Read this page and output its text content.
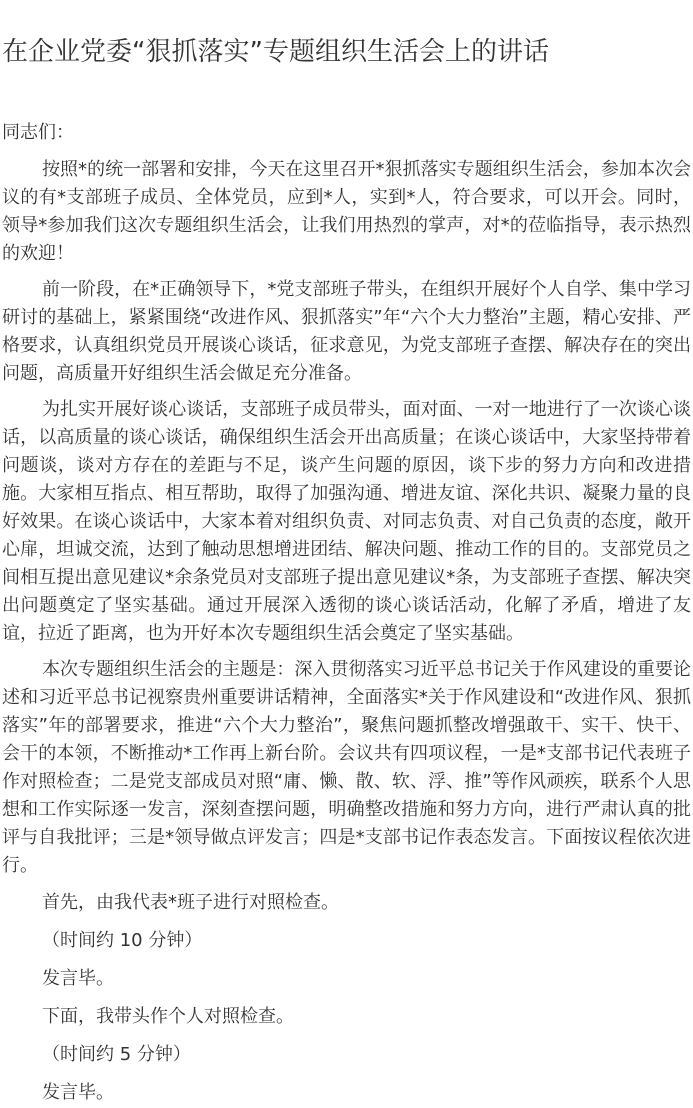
在企业党委“狠抓落实”专题组织生活会上的讲话

同志们：

按照*的统一部署和安排，今天在这里召开*狠抓落实专题组织生活会，参加本次会议的有*支部班子成员、全体党员，应到*人，实到*人，符合要求，可以开会。同时，领导*参加我们这次专题组织生活会，让我们用热烈的掌声，对*的莅临指导，表示热烈的欢迎！

前一阶段，在*正确领导下，*党支部班子带头，在组织开展好个人自学、集中学习研讨的基础上，紧紧围绕“改进作风、狠抓落实”年“六个大力整治”主题，精心安排、严格要求，认真组织党员开展谈心谈话，征求意见，为党支部班子查摆、解决存在的突出问题，高质量开好组织生活会做足充分准备。

为扎实开展好谈心谈话，支部班子成员带头，面对面、一对一地进行了一次谈心谈话，以高质量的谈心谈话，确保组织生活会开出高质量；在谈心谈话中，大家坚持带着问题谈，谈对方存在的差距与不足，谈产生问题的原因，谈下步的努力方向和改进措施。大家相互指点、相互帮助，取得了加强沟通、增进友谊、深化共识、凝聚力量的良好效果。在谈心谈话中，大家本着对组织负责、对同志负责、对自己负责的态度，敞开心扉，坦诚交流，达到了触动思想增进团结、解决问题、推动工作的目的。支部党员之间相互提出意见建议*余条党员对支部班子提出意见建议*条，为支部班子查摆、解决突出问题奠定了坚实基础。通过开展深入透彻的谈心谈话活动，化解了矛盾，增进了友谊，拉近了距离，也为开好本次专题组织生活会奠定了坚实基础。

本次专题组织生活会的主题是：深入贯彻落实习近平总书记关于作风建设的重要论述和习近平总书记视察贵州重要讲话精神，全面落实*关于作风建设和“改进作风、狠抓落实”年的部署要求，推进“六个大力整治”，聚焦问题抓整改增强敢干、实干、快干、会干的本领，不断推动*工作再上新台阶。会议共有四项议程，一是*支部书记代表班子作对照检查；二是党支部成员对照“庸、懒、散、软、浮、推”等作风顽疾，联系个人思想和工作实际逐一发言，深刻查摆问题，明确整改措施和努力方向，进行严肃认真的批评与自我批评；三是*领导做点评发言；四是*支部书记作表态发言。下面按议程依次进行。

首先，由我代表*班子进行对照检查。

（时间约 10 分钟）

发言毕。

下面，我带头作个人对照检查。

（时间约 5 分钟）

发言毕。
